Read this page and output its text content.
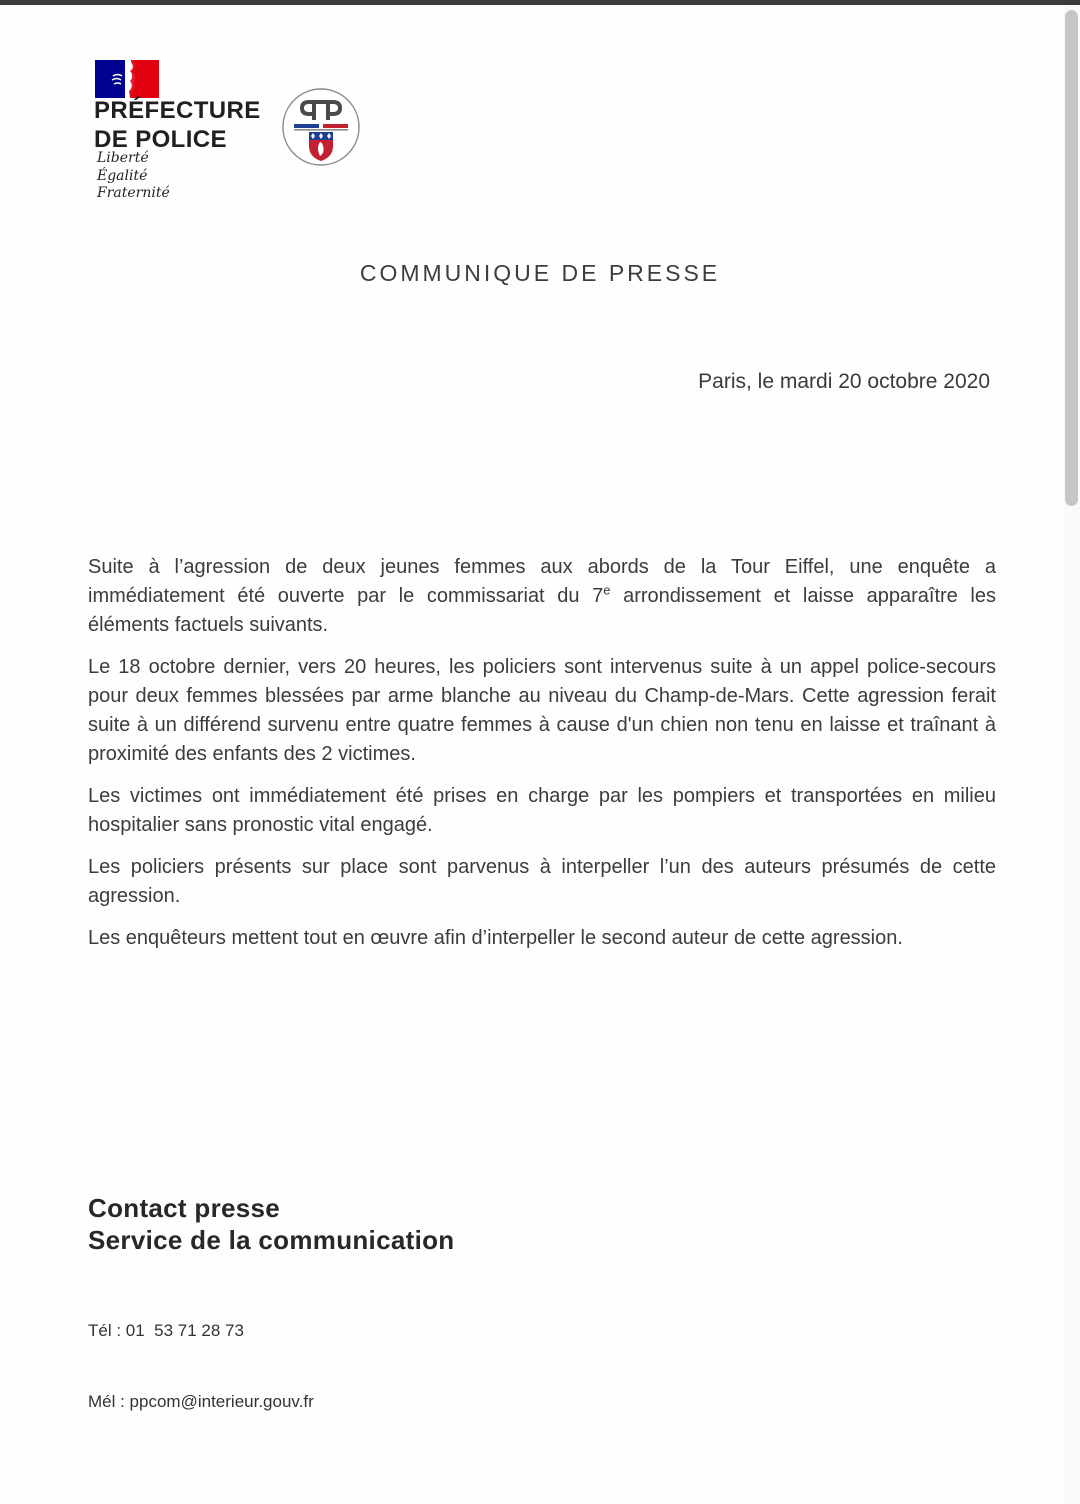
PRÉFECTURE
DE POLICE
Liberté
Égalité
Fraternité
COMMUNIQUE DE PRESSE
Paris, le mardi 20 octobre 2020

Suite à l’agression de deux jeunes femmes aux abords de la Tour Eiffel, une enquête a immédiatement été ouverte par le commissariat du 7e arrondissement et laisse apparaître les éléments factuels suivants.

Le 18 octobre dernier, vers 20 heures, les policiers sont intervenus suite à un appel police-secours pour deux femmes blessées par arme blanche au niveau du Champ-de-Mars. Cette agression ferait suite à un différend survenu entre quatre femmes à cause d'un chien non tenu en laisse et traînant à proximité des enfants des 2 victimes.

Les victimes ont immédiatement été prises en charge par les pompiers et transportées en milieu hospitalier sans pronostic vital engagé.

Les policiers présents sur place sont parvenus à interpeller l’un des auteurs présumés de cette agression.

Les enquêteurs mettent tout en œuvre afin d’interpeller le second auteur de cette agression.

Contact presse
Service de la communication

Tél : 01  53 71 28 73

Mél : ppcom@interieur.gouv.fr
